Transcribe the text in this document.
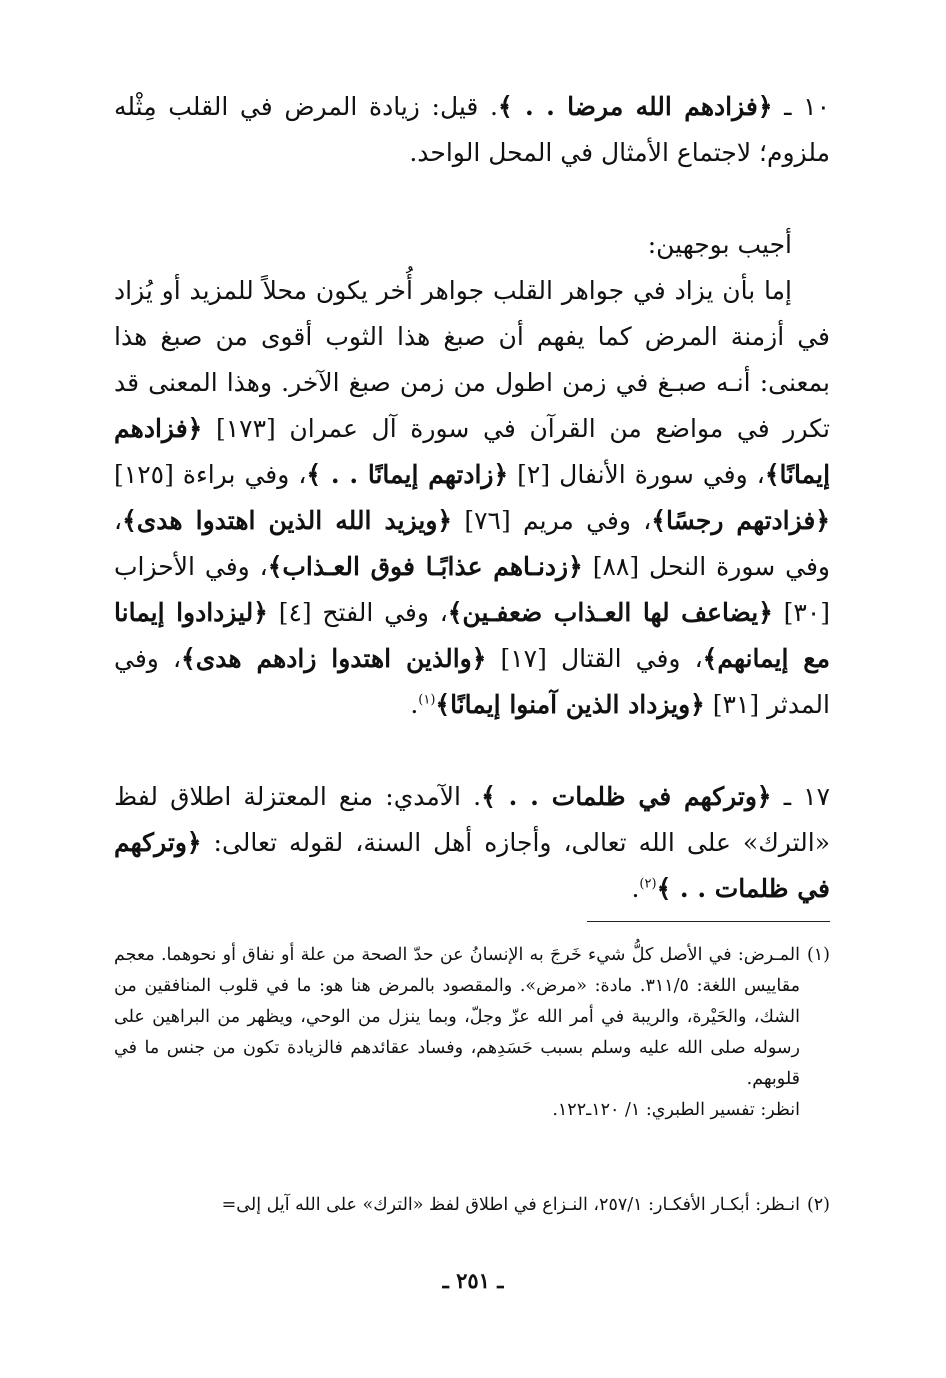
١٠ ـ ﴿فزادهم الله مرضا . . ﴾. قيل: زيادة المرض في القلب مِثْله ملزوم؛ لاجتماع الأمثال في المحل الواحد.

أجيب بوجهين:

إما بأن يزاد في جواهر القلب جواهر أُخر يكون محلاً للمزيد أو يُزاد في أزمنة المرض كما يفهم أن صبغ هذا الثوب أقوى من صبغ هذا بمعنى: أنـه صبـغ في زمن اطول من زمن صبغ الآخر. وهذا المعنى قد تكرر في مواضع من القرآن في سورة آل عمران [١٧٣] ﴿فزادهم إيمانًا﴾، وفي سورة الأنفال [٢] ﴿زادتهم إيمانًا . . ﴾، وفي براءة [١٢٥] ﴿فزادتهم رجسًا﴾، وفي مريم [٧٦] ﴿ويزيد الله الذين اهتدوا هدى﴾، وفي سورة النحل [٨٨] ﴿زدنـاهم عذابًـا فوق العـذاب﴾، وفي الأحزاب [٣٠] ﴿يضاعف لها العـذاب ضعفـين﴾، وفي الفتح [٤] ﴿ليزدادوا إيمانا مع إيمانهم﴾، وفي القتال [١٧] ﴿والذين اهتدوا زادهم هدى﴾، وفي المدثر [٣١] ﴿ويزداد الذين آمنوا إيمانًا﴾$^{(١)}$.

١٧ ـ ﴿وتركهم في ظلمات . . ﴾. الآمدي: منع المعتزلة اطلاق لفظ «الترك» على الله تعالى، وأجازه أهل السنة، لقوله تعالى: ﴿وتركهم في ظلمات . . ﴾$^{(٢)}$.

(١)المـرض: في الأصل كلُّ شيء خَرجَ به الإنسانُ عن حدّ الصحة من علة أو نفاق أو نحوهما. معجم مقاييس اللغة: ٣١١/٥. مادة: «مرض». والمقصود بالمرض هنا هو: ما في قلوب المنافقين من الشك، والحَيْرة، والريبة في أمر الله عزّ وجلّ، وبما ينزل من الوحي، ويظهر من البراهين على رسوله صلى الله عليه وسلم بسبب حَسَدِهم، وفساد عقائدهم فالزيادة تكون من جنس ما في قلوبهم.

انظر: تفسير الطبري: ١/ ١٢٠ـ١٢٢.

(٢)انـظر: أبكـار الأفكـار: ٢٥٧/١، النـزاع في اطلاق لفظ «الترك» على الله آيل إلى=

ـ ٢٥١ ـ
